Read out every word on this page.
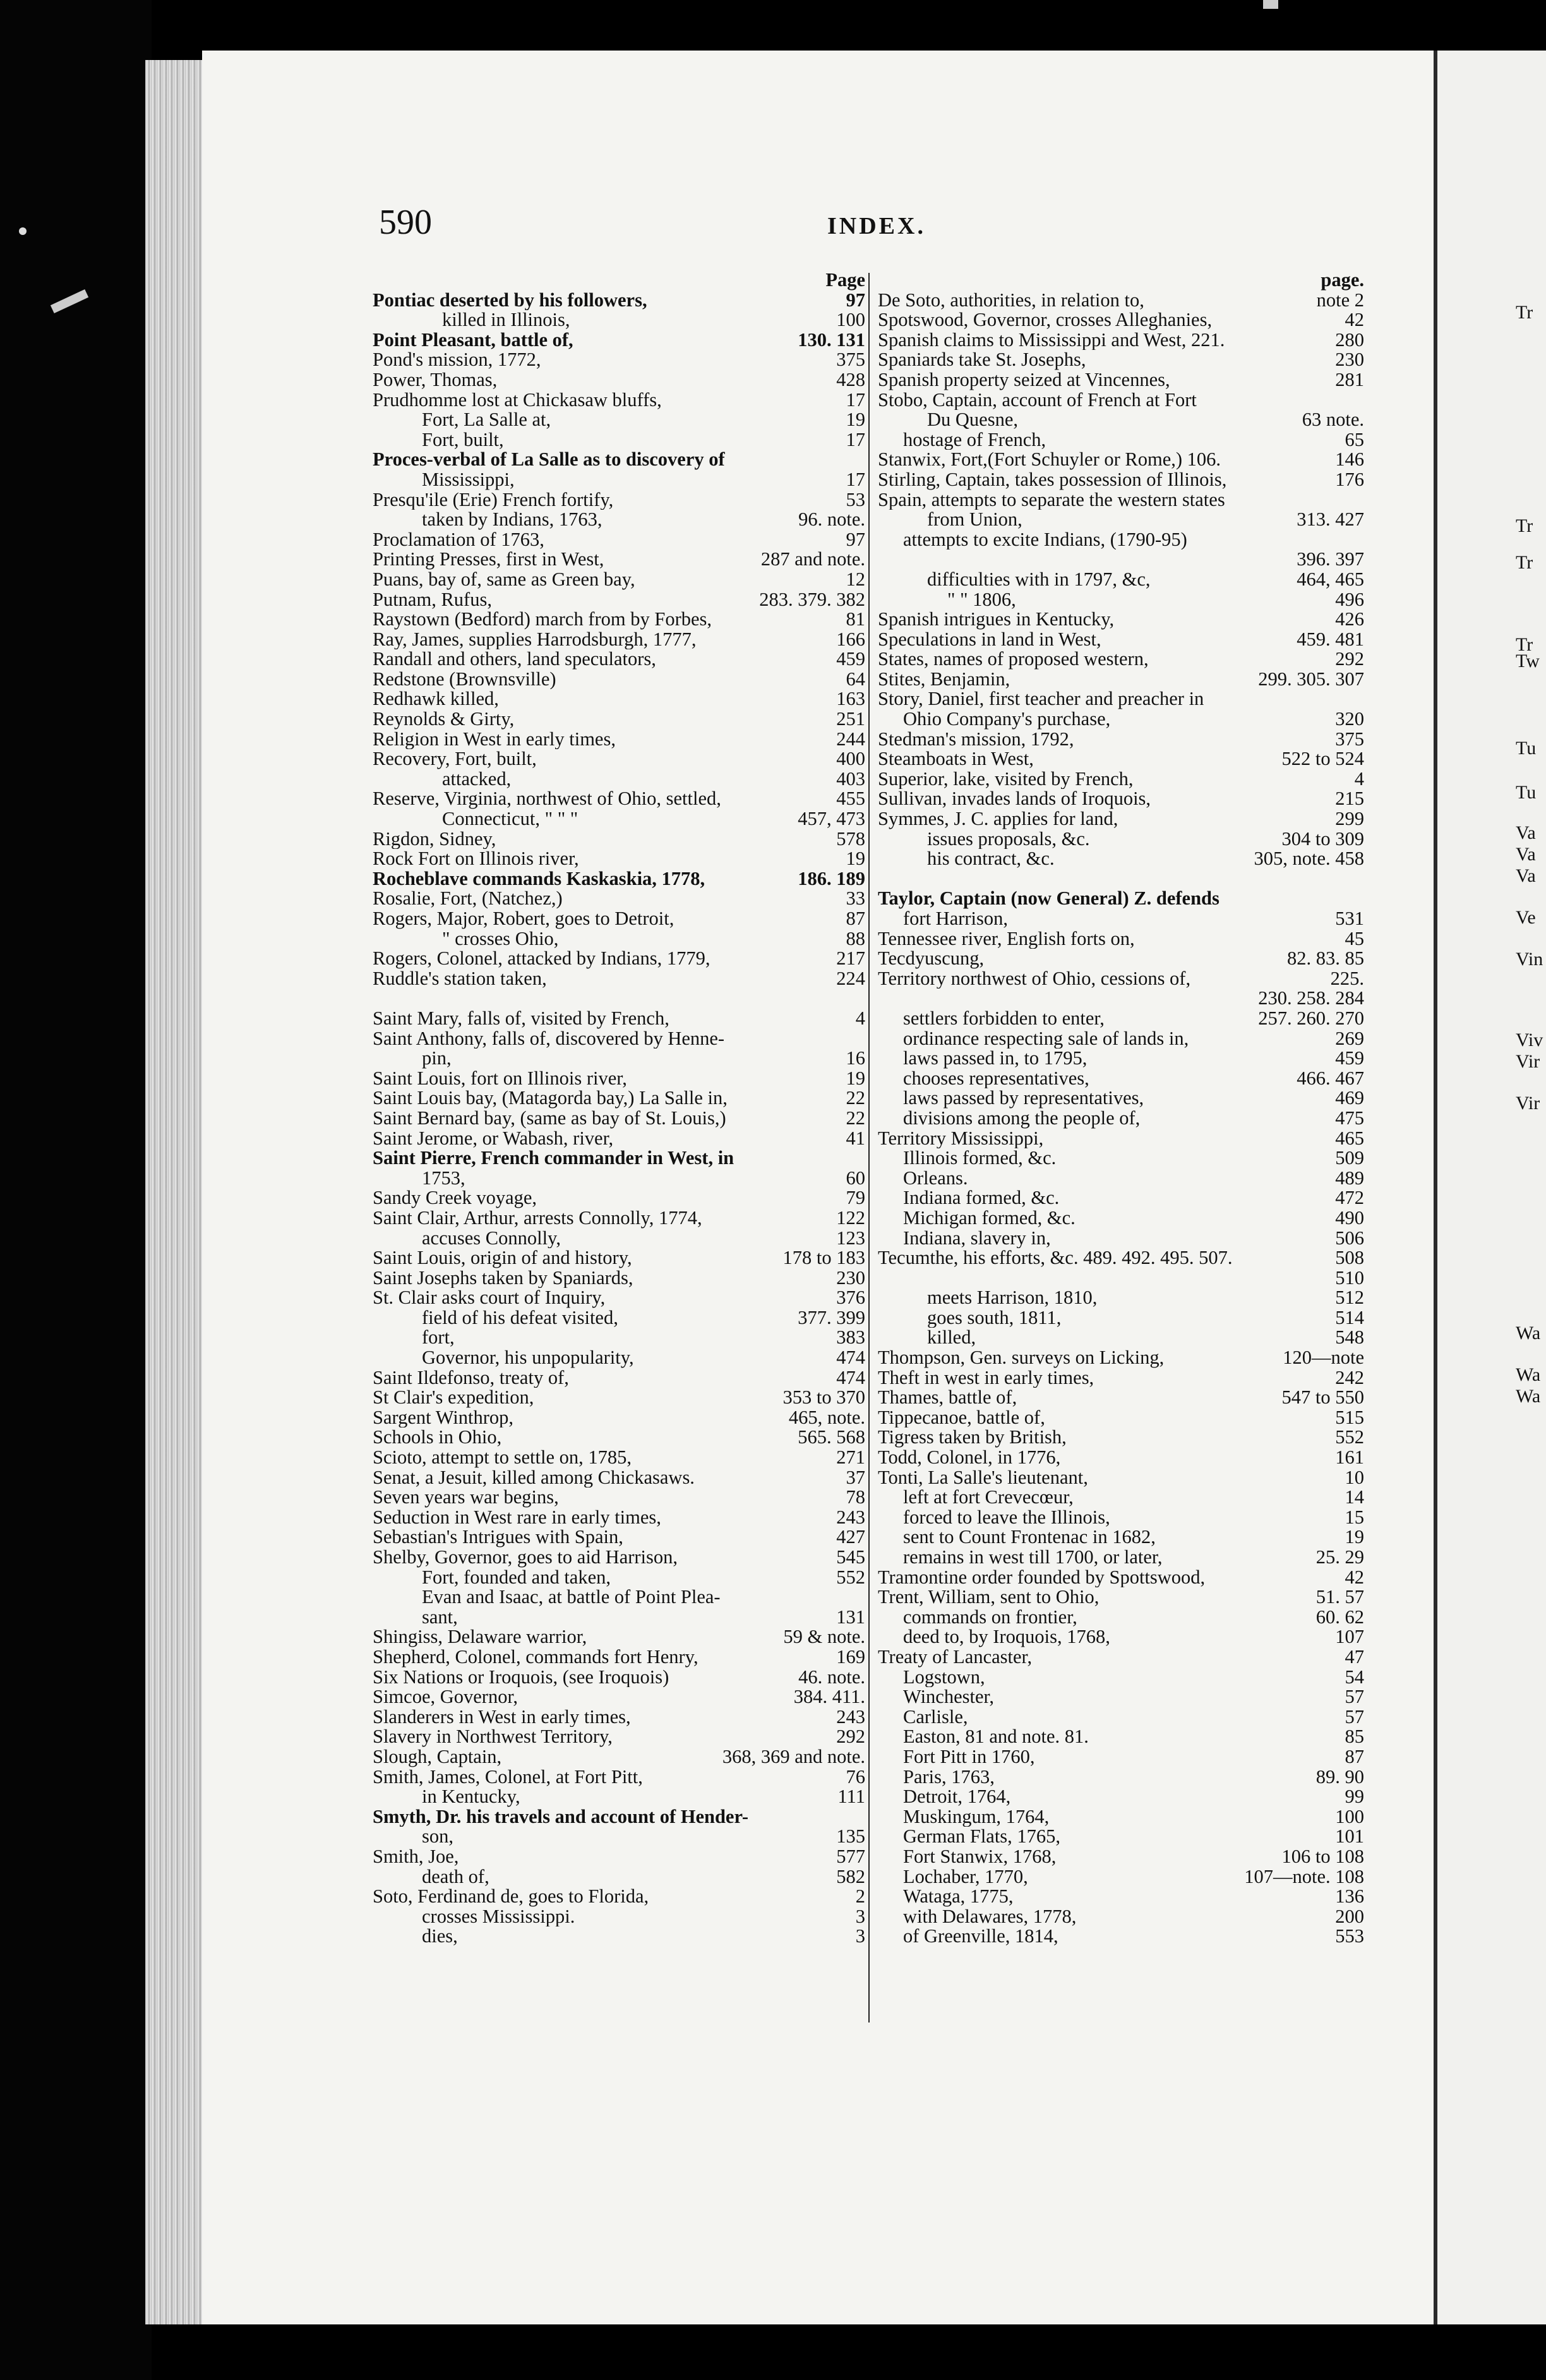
590	INDEX.
Page
Pontiac deserted by his followers,	97
killed in Illinois,	100
Point Pleasant, battle of,	130. 131
Pond's mission, 1772,	375
Power, Thomas,	428
Prudhomme lost at Chickasaw bluffs,	17
Fort, La Salle at,	19
Fort, built,	17
Proces-verbal of La Salle as to discovery of
Mississippi,	17
Presqu'ile (Erie) French fortify,	53
taken by Indians, 1763,	96. note.
Proclamation of 1763,	97
Printing Presses, first in West,	287 and note.
Puans, bay of, same as Green bay,	12
Putnam, Rufus,	283. 379. 382
Raystown (Bedford) march from by Forbes,	81
Ray, James, supplies Harrodsburgh, 1777,	166
Randall and others, land speculators,	459
Redstone (Brownsville)	64
Redhawk killed,	163
Reynolds & Girty,	251
Religion in West in early times,	244
Recovery, Fort, built,	400
attacked,	403
Reserve, Virginia, northwest of Ohio, settled,	455
Connecticut, " " "	457, 473
Rigdon, Sidney,	578
Rock Fort on Illinois river,	19
Rocheblave commands Kaskaskia, 1778,	186. 189
Rosalie, Fort, (Natchez,)	33
Rogers, Major, Robert, goes to Detroit,	87
" crosses Ohio,	88
Rogers, Colonel, attacked by Indians, 1779,	217
Ruddle's station taken,	224
Saint Mary, falls of, visited by French,	4
Saint Anthony, falls of, discovered by Henne-
pin,	16
Saint Louis, fort on Illinois river,	19
Saint Louis bay, (Matagorda bay,) La Salle in,	22
Saint Bernard bay, (same as bay of St. Louis,)	22
Saint Jerome, or Wabash, river,	41
Saint Pierre, French commander in West, in
1753,	60
Sandy Creek voyage,	79
Saint Clair, Arthur, arrests Connolly, 1774,	122
accuses Connolly,	123
Saint Louis, origin of and history,	178 to 183
Saint Josephs taken by Spaniards,	230
St. Clair asks court of Inquiry,	376
field of his defeat visited,	377. 399
fort,	383
Governor, his unpopularity,	474
Saint Ildefonso, treaty of,	474
St Clair's expedition,	353 to 370
Sargent Winthrop,	465, note.
Schools in Ohio,	565. 568
Scioto, attempt to settle on, 1785,	271
Senat, a Jesuit, killed among Chickasaws.	37
Seven years war begins,	78
Seduction in West rare in early times,	243
Sebastian's Intrigues with Spain,	427
Shelby, Governor, goes to aid Harrison,	545
Fort, founded and taken,	552
Evan and Isaac, at battle of Point Plea-
sant,	131
Shingiss, Delaware warrior,	59 & note.
Shepherd, Colonel, commands fort Henry,	169
Six Nations or Iroquois, (see Iroquois)	46. note.
Simcoe, Governor,	384. 411.
Slanderers in West in early times,	243
Slavery in Northwest Territory,	292
Slough, Captain,	368, 369 and note.
Smith, James, Colonel, at Fort Pitt,	76
in Kentucky,	111
Smyth, Dr. his travels and account of Hender-
son,	135
Smith, Joe,	577
death of,	582
Soto, Ferdinand de, goes to Florida,	2
crosses Mississippi.	3
dies,	3
page.
De Soto, authorities, in relation to,	note 2
Spotswood, Governor, crosses Alleghanies,	42
Spanish claims to Mississippi and West, 221.	280
Spaniards take St. Josephs,	230
Spanish property seized at Vincennes,	281
Stobo, Captain, account of French at Fort
Du Quesne,	63 note.
hostage of French,	65
Stanwix, Fort,(Fort Schuyler or Rome,) 106.	146
Stirling, Captain, takes possession of Illinois,	176
Spain, attempts to separate the western states
from Union,	313. 427
attempts to excite Indians, (1790-95)
396. 397
difficulties with in 1797, &c,	464, 465
" " 1806,	496
Spanish intrigues in Kentucky,	426
Speculations in land in West,	459. 481
States, names of proposed western,	292
Stites, Benjamin,	299. 305. 307
Story, Daniel, first teacher and preacher in
Ohio Company's purchase,	320
Stedman's mission, 1792,	375
Steamboats in West,	522 to 524
Superior, lake, visited by French,	4
Sullivan, invades lands of Iroquois,	215
Symmes, J. C. applies for land,	299
issues proposals, &c.	304 to 309
his contract, &c.	305, note. 458
Taylor, Captain (now General) Z. defends
fort Harrison,	531
Tennessee river, English forts on,	45
Tecdyuscung,	82. 83. 85
Territory northwest of Ohio, cessions of,	225.
230. 258. 284
settlers forbidden to enter,	257. 260. 270
ordinance respecting sale of lands in,	269
laws passed in, to 1795,	459
chooses representatives,	466. 467
laws passed by representatives,	469
divisions among the people of,	475
Territory Mississippi,	465
Illinois formed, &c.	509
Orleans.	489
Indiana formed, &c.	472
Michigan formed, &c.	490
Indiana, slavery in,	506
Tecumthe, his efforts, &c. 489. 492. 495. 507.	508
510
meets Harrison, 1810,	512
goes south, 1811,	514
killed,	548
Thompson, Gen. surveys on Licking,	120—note
Theft in west in early times,	242
Thames, battle of,	547 to 550
Tippecanoe, battle of,	515
Tigress taken by British,	552
Todd, Colonel, in 1776,	161
Tonti, La Salle's lieutenant,	10
left at fort Crevecœur,	14
forced to leave the Illinois,	15
sent to Count Frontenac in 1682,	19
remains in west till 1700, or later,	25. 29
Tramontine order founded by Spottswood,	42
Trent, William, sent to Ohio,	51. 57
commands on frontier,	60. 62
deed to, by Iroquois, 1768,	107
Treaty of Lancaster,	47
Logstown,	54
Winchester,	57
Carlisle,	57
Easton, 81 and note. 81.	85
Fort Pitt in 1760,	87
Paris, 1763,	89. 90
Detroit, 1764,	99
Muskingum, 1764,	100
German Flats, 1765,	101
Fort Stanwix, 1768,	106 to 108
Lochaber, 1770,	107—note. 108
Wataga, 1775,	136
with Delawares, 1778,	200
of Greenville, 1814,	553
Tr
Tr
Tr
Tr
Tw
Tu
Tu
Va
Va
Va
Ve
Vin
Viv
Vir
Vir
Wa
Wa
Wa
